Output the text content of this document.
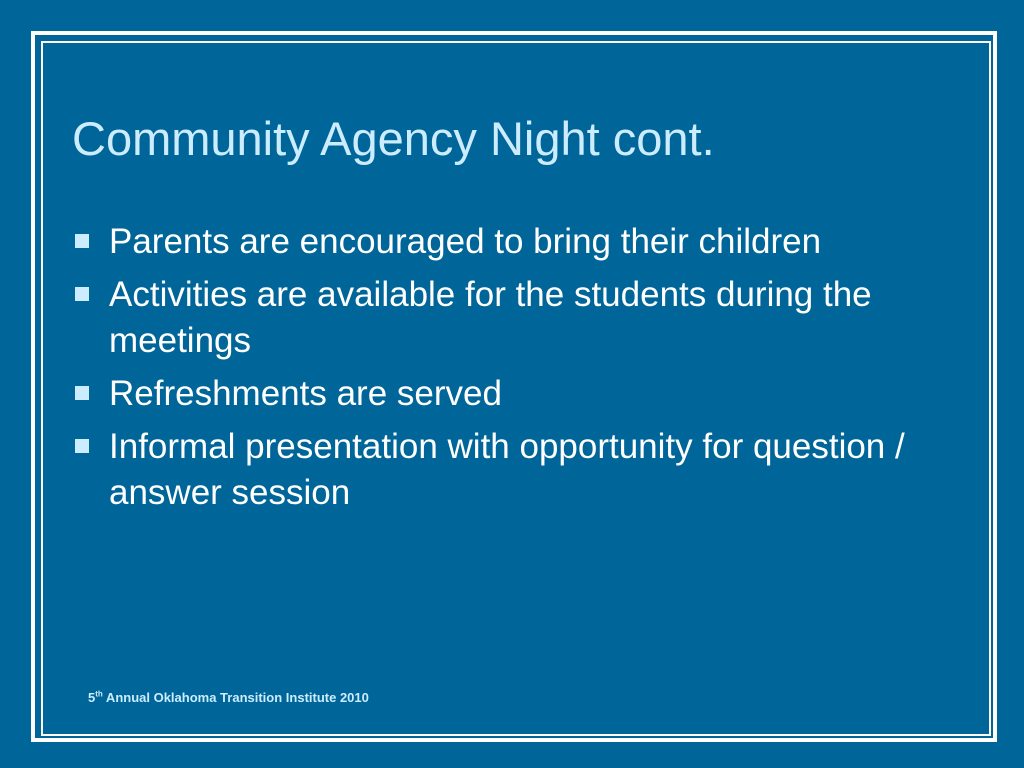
Community Agency Night cont.
Parents are encouraged to bring their children
Activities are available for the students during the meetings
Refreshments are served
Informal presentation with opportunity for question / answer session
5th Annual Oklahoma Transition Institute 2010
